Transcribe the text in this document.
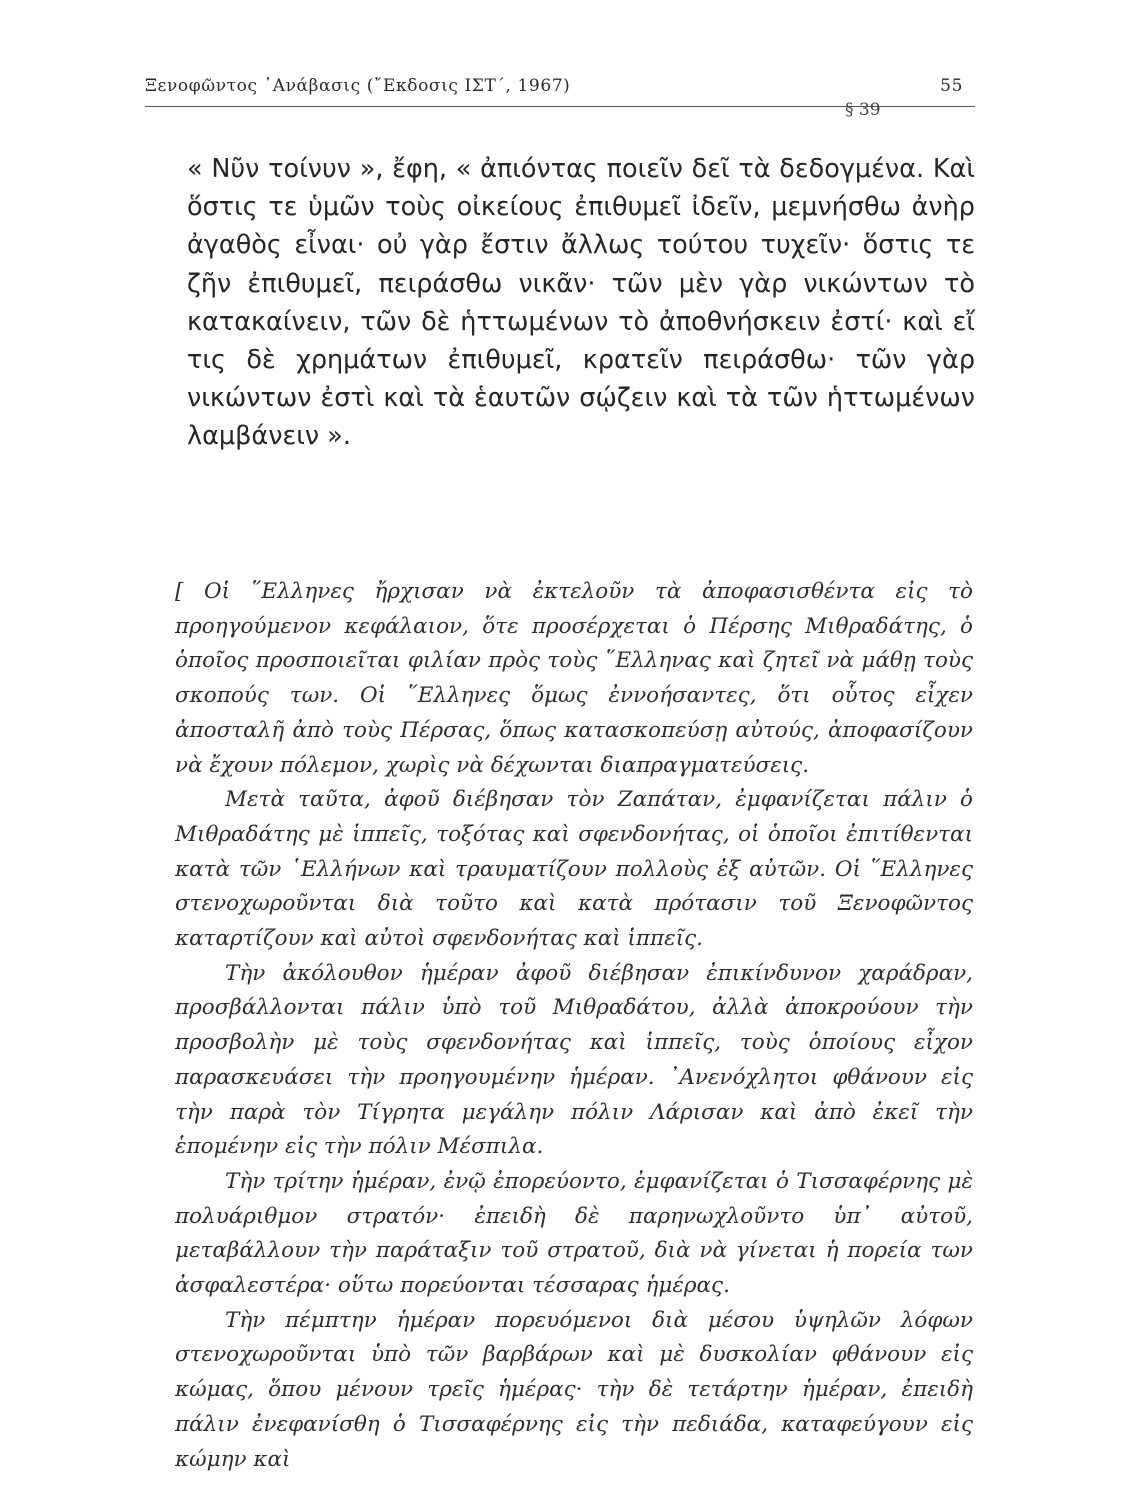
Ξενοφῶντος ᾿Ανάβασις (῎Εκδοσις ΙΣΤ΄, 1967)	55
« Νῦν τοίνυν », ἔφη, « ἀπιόντας ποιεῖν δεῖ τὰ δεδογμένα. Καὶ ὅστις τε ὑμῶν τοὺς οἰκείους ἐπιθυμεῖ ἰδεῖν, μεμνήσθω ἀνὴρ ἀγαθὸς εἶναι· οὐ γὰρ ἔστιν ἄλλως τούτου τυχεῖν· ὅστις τε ζῆν ἐπιθυμεῖ, πειράσθω νικᾶν· τῶν μὲν γὰρ νικώντων τὸ κατακαίνειν, τῶν δὲ ἡττωμένων τὸ ἀποθνήσκειν ἐστί· καὶ εἴ τις δὲ χρημάτων ἐπιθυμεῖ, κρατεῖν πειράσθω· τῶν γὰρ νικώντων ἐστὶ καὶ τὰ ἑαυτῶν σῴζειν καὶ τὰ τῶν ἡττωμένων λαμβάνειν ».

[ Οἱ ῞Ελληνες ἤρχισαν νὰ ἐκτελοῦν τὰ ἀποφασισθέντα εἰς τὸ προηγούμενον κεφάλαιον, ὅτε προσέρχεται ὁ Πέρσης Μιθραδάτης, ὁ ὁποῖος προσποιεῖται φιλίαν πρὸς τοὺς ῞Ελληνας καὶ ζητεῖ νὰ μάθῃ τοὺς σκοπούς των. Οἱ ῞Ελληνες ὅμως ἐννοήσαντες, ὅτι οὗτος εἶχεν ἀποσταλῆ ἀπὸ τοὺς Πέρσας, ὅπως κατασκοπεύσῃ αὐτούς, ἀποφασίζουν νὰ ἔχουν πόλεμον, χωρὶς νὰ δέχωνται διαπραγματεύσεις.

Μετὰ ταῦτα, ἀφοῦ διέβησαν τὸν Ζαπάταν, ἐμφανίζεται πάλιν ὁ Μιθραδάτης μὲ ἱππεῖς, τοξότας καὶ σφενδονήτας, οἱ ὁποῖοι ἐπιτίθενται κατὰ τῶν ῾Ελλήνων καὶ τραυματίζουν πολλοὺς ἐξ αὐτῶν. Οἱ ῞Ελληνες στενοχωροῦνται διὰ τοῦτο καὶ κατὰ πρότασιν τοῦ Ξενοφῶντος καταρτίζουν καὶ αὐτοὶ σφενδονήτας καὶ ἱππεῖς.

Τὴν ἀκόλουθον ἡμέραν ἀφοῦ διέβησαν ἐπικίνδυνον χαράδραν, προσβάλλονται πάλιν ὑπὸ τοῦ Μιθραδάτου, ἀλλὰ ἀποκρούουν τὴν προσβολὴν μὲ τοὺς σφενδονήτας καὶ ἱππεῖς, τοὺς ὁποίους εἶχον παρασκευάσει τὴν προηγουμένην ἡμέραν. ᾿Ανενόχλητοι φθάνουν εἰς τὴν παρὰ τὸν Τίγρητα μεγάλην πόλιν Λάρισαν καὶ ἀπὸ ἐκεῖ τὴν ἑπομένην εἰς τὴν πόλιν Μέσπιλα.

Τὴν τρίτην ἡμέραν, ἐνῷ ἐπορεύοντο, ἐμφανίζεται ὁ Τισσαφέρνης μὲ πολυάριθμον στρατόν· ἐπειδὴ δὲ παρηνωχλοῦντο ὑπ᾿ αὐτοῦ, μεταβάλλουν τὴν παράταξιν τοῦ στρατοῦ, διὰ νὰ γίνεται ἡ πορεία των ἀσφαλεστέρα· οὕτω πορεύονται τέσσαρας ἡμέρας.

Τὴν πέμπτην ἡμέραν πορευόμενοι διὰ μέσου ὑψηλῶν λόφων στενοχωροῦνται ὑπὸ τῶν βαρβάρων καὶ μὲ δυσκολίαν φθάνουν εἰς κώμας, ὅπου μένουν τρεῖς ἡμέρας· τὴν δὲ τετάρτην ἡμέραν, ἐπειδὴ πάλιν ἐνεφανίσθη ὁ Τισσαφέρνης εἰς τὴν πεδιάδα, καταφεύγουν εἰς κώμην καὶ

§ 39
